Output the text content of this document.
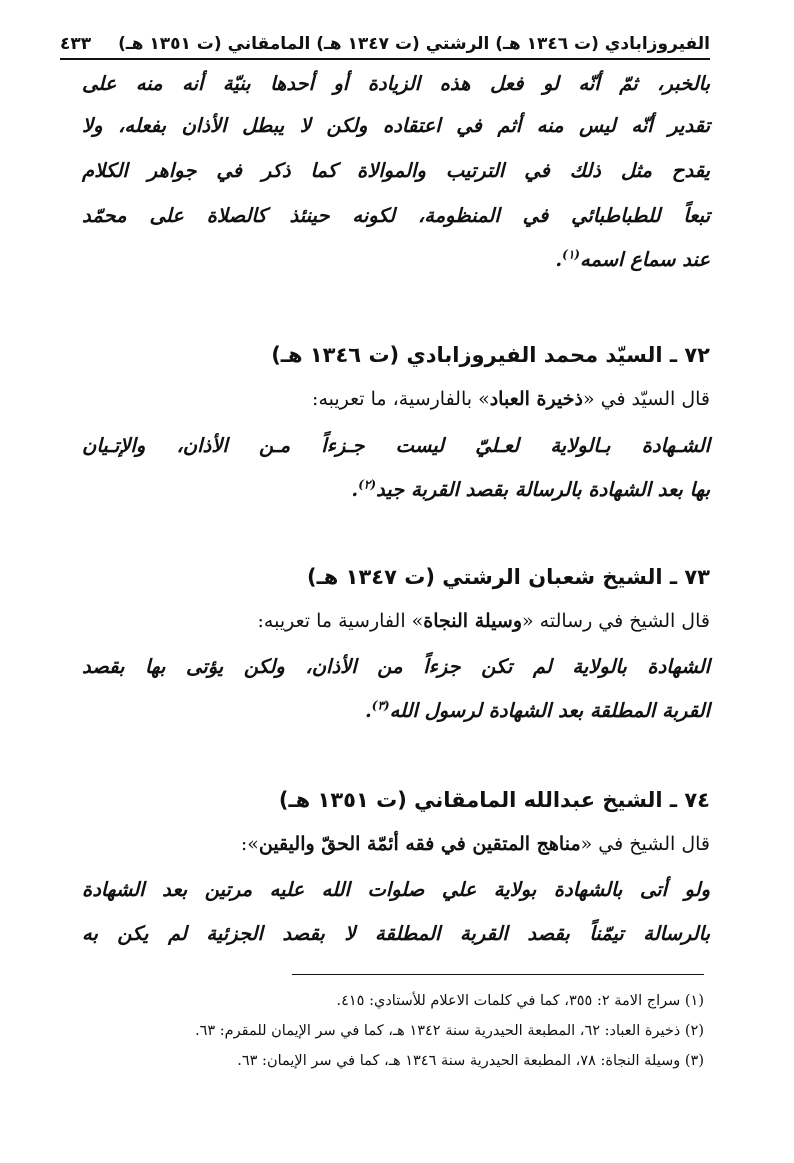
الفيروزابادي (ت ١٣٤٦ هـ) الرشتي (ت ١٣٤٧ هـ) المامقاني (ت ١٣٥١ هـ)
٤٣٣
بالخبر، ثمّ أنّه لو فعل هذه الزيادة أو أحدها بنيّة أنه منه على
تقدير أنّه ليس منه أثم في اعتقاده ولكن لا يبطل الأذان بفعله، ولا
يقدح مثل ذلك في الترتيب والموالاة كما ذكر في جواهر الكلام
تبعاً للطباطبائي في المنظومة، لكونه حينئذ كالصلاة على محمّد
عند سماع اسمه$^{(١)}$.
٧٢ ـ السيّد محمد الفيروزابادي (ت ١٣٤٦ هـ)
قال السيّد في «ذخيرة العباد» بالفارسية، ما تعريبه:
الشـهادة بـالولاية لعـليّ ليست جـزءاً مـن الأذان، والإتـيان
بها بعد الشهادة بالرسالة بقصد القربة جيد$^{(٢)}$.
٧٣ ـ الشيخ شعبان الرشتي (ت ١٣٤٧ هـ)
قال الشيخ في رسالته «وسيلة النجاة» الفارسية ما تعريبه:
الشهادة بالولاية لم تكن جزءاً من الأذان، ولكن يؤتى بها بقصد
القربة المطلقة بعد الشهادة لرسول الله$^{(٣)}$.
٧٤ ـ الشيخ عبدالله المامقاني (ت ١٣٥١ هـ)
قال الشيخ في «مناهج المتقين في فقه أئمّة الحقّ واليقين»:
ولو أتى بالشهادة بولاية علي صلوات الله عليه مرتين بعد الشهادة
بالرسالة تيمّناً بقصد القربة المطلقة لا بقصد الجزئية لم يكن به
(١) سراج الامة ٢: ٣٥٥، كما في كلمات الاعلام للأستادي: ٤١٥.
(٢) ذخيرة العباد: ٦٢، المطبعة الحيدرية سنة ١٣٤٢ هـ، كما في سر الإيمان للمقرم: ٦٣.
(٣) وسيلة النجاة: ٧٨، المطبعة الحيدرية سنة ١٣٤٦ هـ، كما في سر الإيمان: ٦٣.
